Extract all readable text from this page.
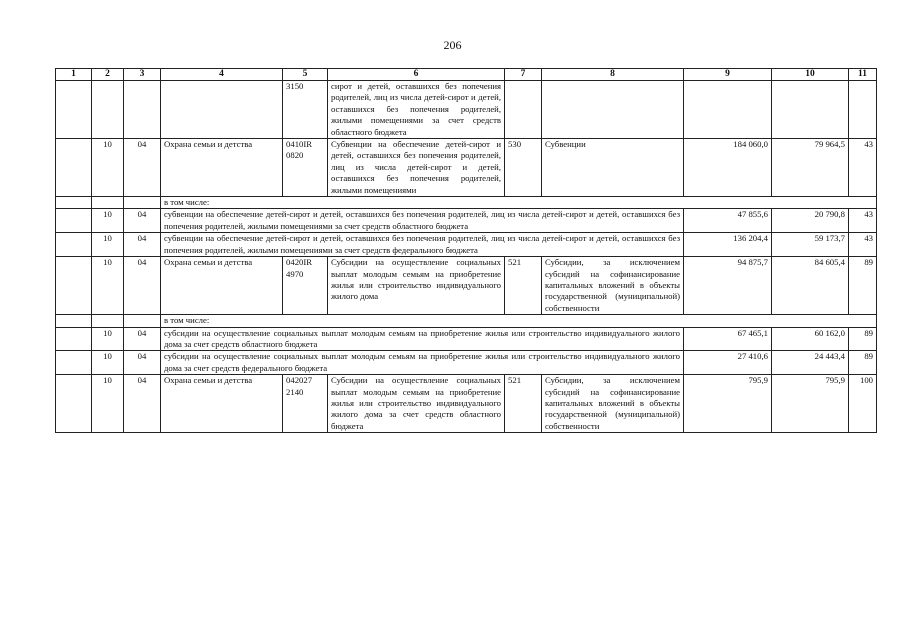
206
1	2	3	4	5	6	7	8	9	10	11
				3150	сирот и детей, оставшихся без попечения родителей, лиц из числа детей-сирот и детей, оставшихся без попечения родителей, жилыми помещениями за счет средств областного бюджета					
	10	04	Охрана семьи и детства	0410IR 0820	Субвенции на обеспечение детей-сирот и детей, оставшихся без попечения родителей, лиц из числа детей-сирот и детей, оставшихся без попечения родителей, жилыми помещениями	530	Субвенции	184 060,0	79 964,5	43
			в том числе:							
	10	04	субвенции на обеспечение детей-сирот и детей, оставшихся без попечения родителей, лиц из числа детей-сирот и детей, оставшихся без попечения родителей, жилыми помещениями за счет средств областного бюджета					47 855,6	20 790,8	43
	10	04	субвенции на обеспечение детей-сирот и детей, оставшихся без попечения родителей, лиц из числа детей-сирот и детей, оставшихся без попечения родителей, жилыми помещениями за счет средств федерального бюджета					136 204,4	59 173,7	43
	10	04	Охрана семьи и детства	0420IR 4970	Субсидии на осуществление социальных выплат молодым семьям на приобретение жилья или строительство индивидуального жилого дома	521	Субсидии, за исключением субсидий на софинансирование капитальных вложений в объекты государственной (муниципальной) собственности	94 875,7	84 605,4	89
			в том числе:							
	10	04	субсидии на осуществление социальных выплат молодым семьям на приобретение жилья или строительство индивидуального жилого дома за счет средств областного бюджета					67 465,1	60 162,0	89
	10	04	субсидии на осуществление социальных выплат молодым семьям на приобретение жилья или строительство индивидуального жилого дома за счет средств федерального бюджета					27 410,6	24 443,4	89
	10	04	Охрана семьи и детства	042027 2140	Субсидии на осуществление социальных выплат молодым семьям на приобретение жилья или строительство индивидуального жилого дома за счет средств областного бюджета	521	Субсидии, за исключением субсидий на софинансирование капитальных вложений в объекты государственной (муниципальной) собственности	795,9	795,9	100
